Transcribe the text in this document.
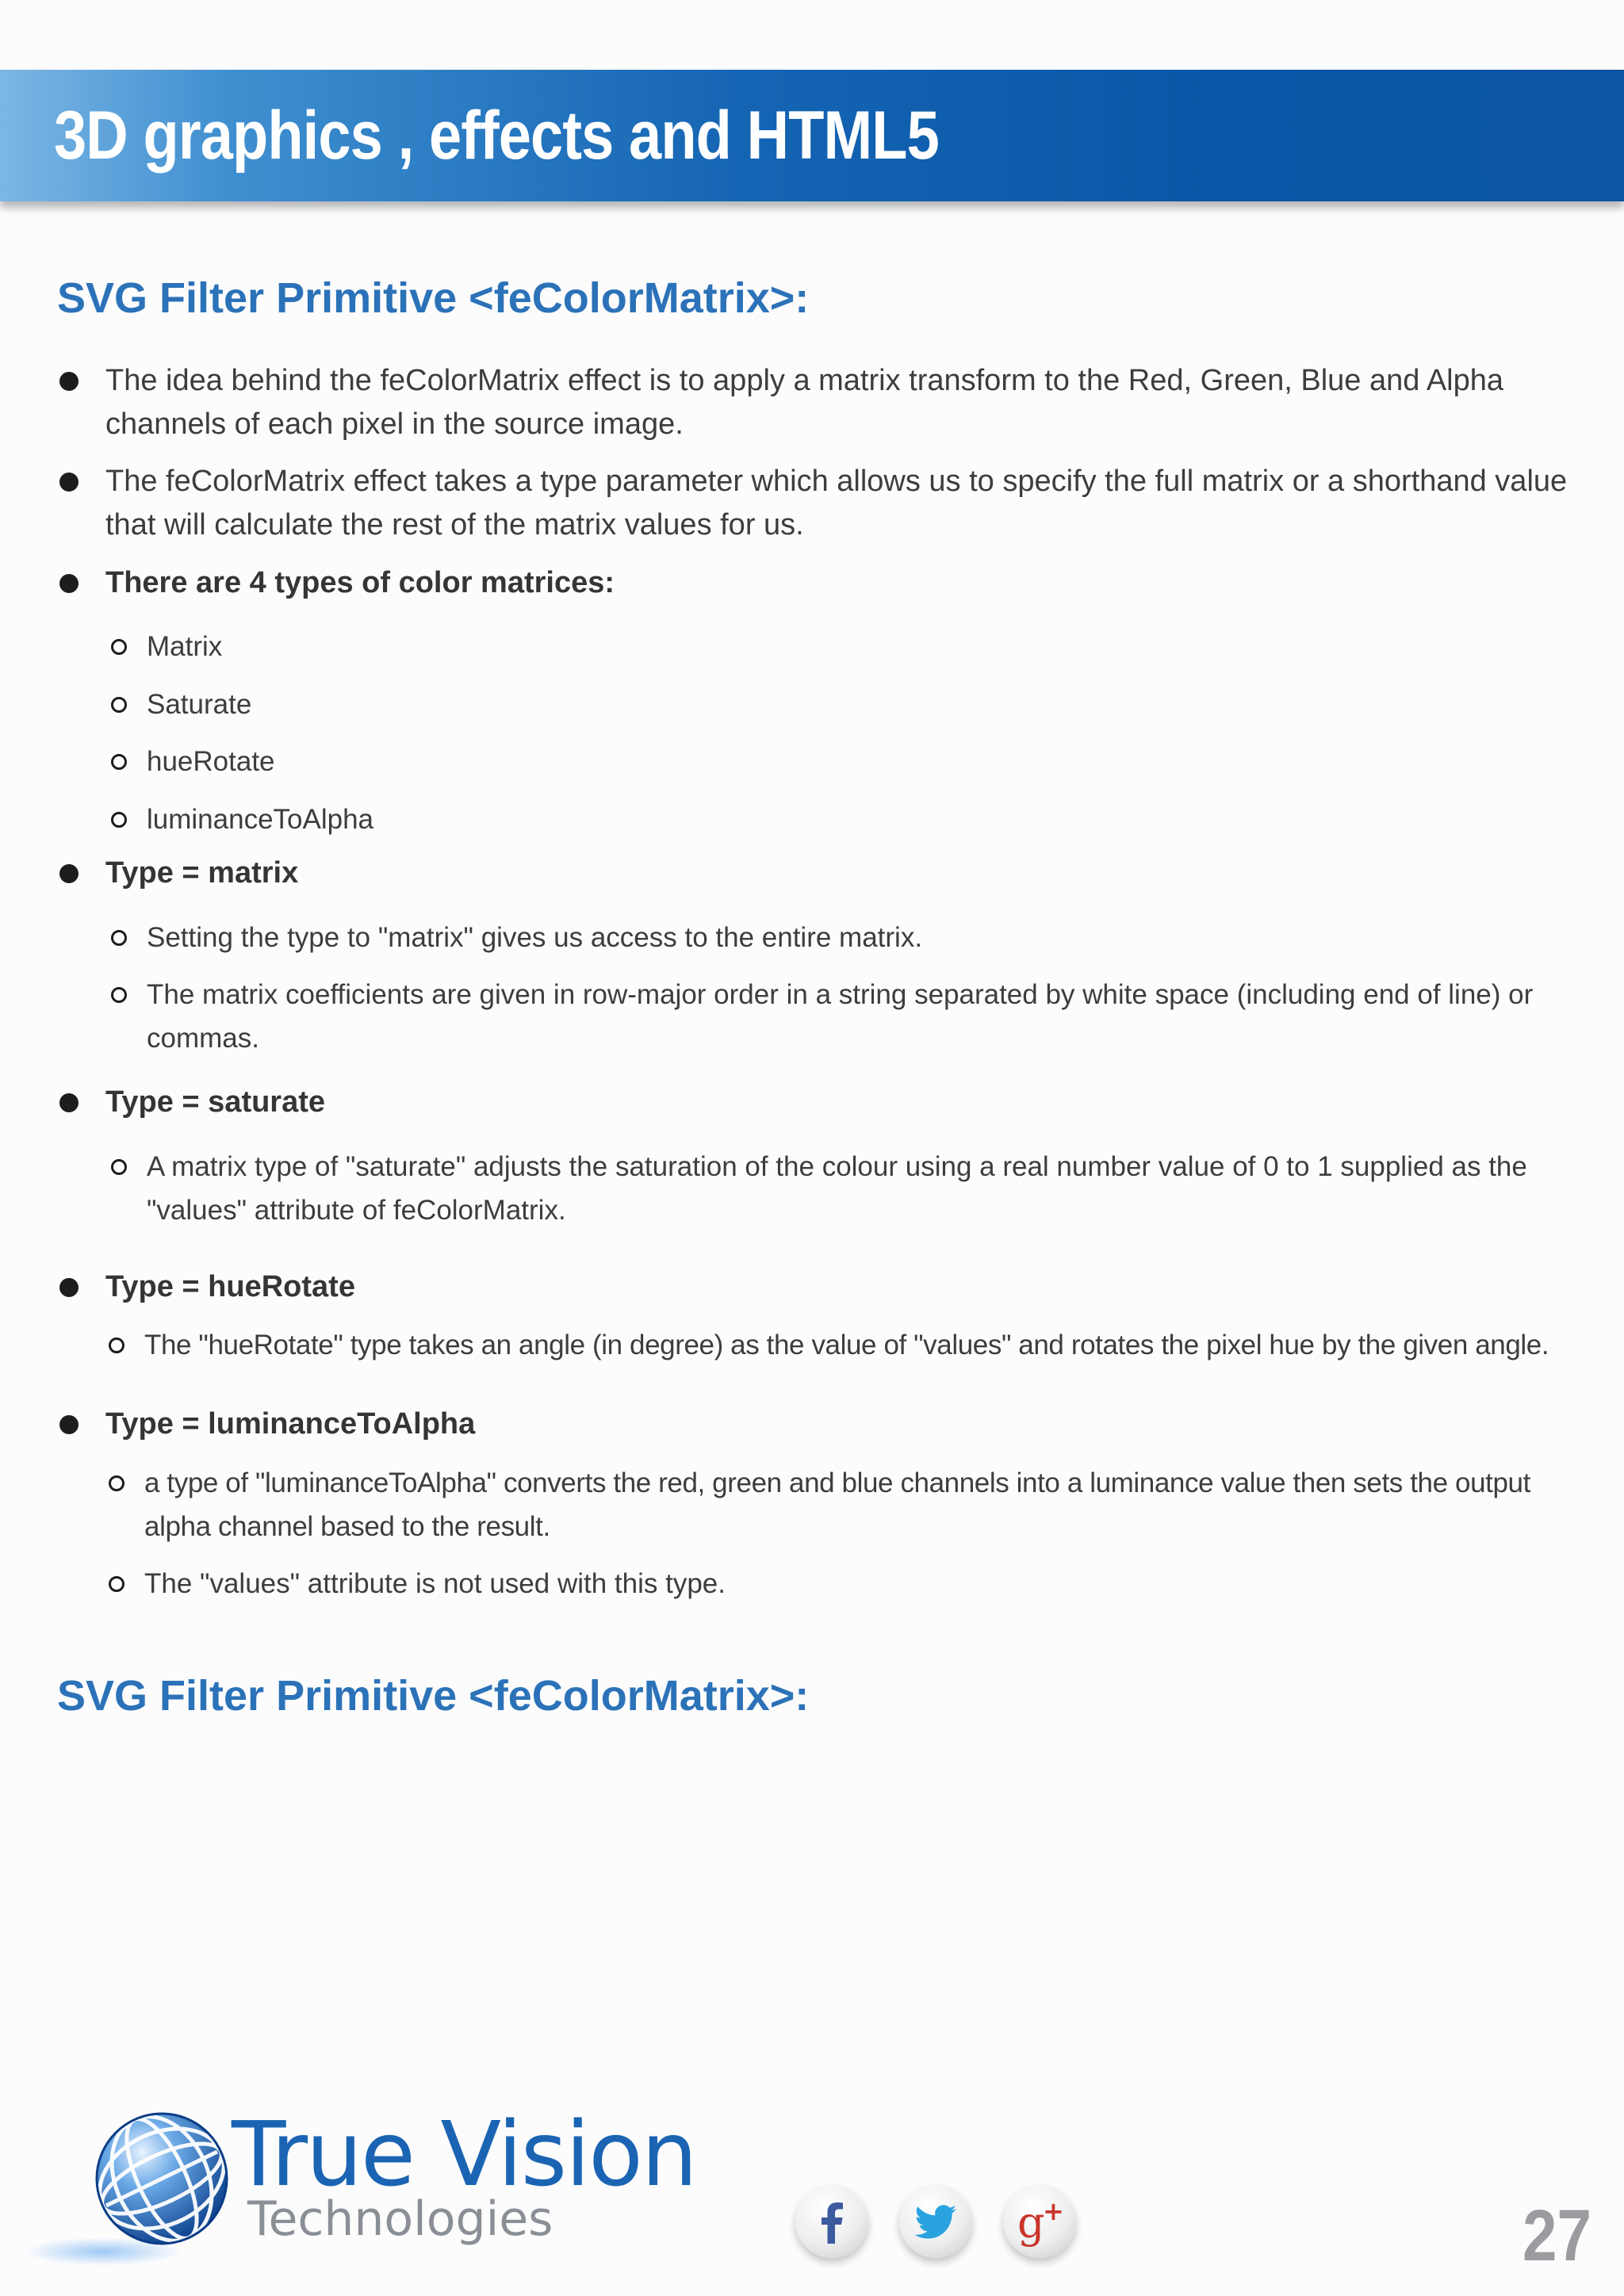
3D graphics , effects and HTML5
SVG Filter Primitive <feColorMatrix>:
The idea behind the feColorMatrix effect is to apply a matrix transform to the Red, Green, Blue and Alpha channels of each pixel in the source image.
The feColorMatrix effect takes a type parameter which allows us to specify the full matrix or a shorthand value that will calculate the rest of the matrix values for us.
There are 4 types of color matrices:
Matrix
Saturate
hueRotate
luminanceToAlpha
Type = matrix
Setting the type to "matrix" gives us access to the entire matrix.
The matrix coefficients are given in row-major order in a string separated by white space (including end of line) or commas.
Type = saturate
A matrix type of "saturate" adjusts the saturation of the colour using a real number value of 0 to 1 supplied as the "values" attribute of feColorMatrix.
Type = hueRotate
The "hueRotate" type takes an angle (in degree) as the value of "values" and rotates the pixel hue by the given angle.
Type = luminanceToAlpha
a type of "luminanceToAlpha" converts the red, green and blue channels into a luminance value then sets the output alpha channel based to the result.
The "values" attribute is not used with this type.
SVG Filter Primitive <feColorMatrix>:

True Vision

Technologies	g
+	27
